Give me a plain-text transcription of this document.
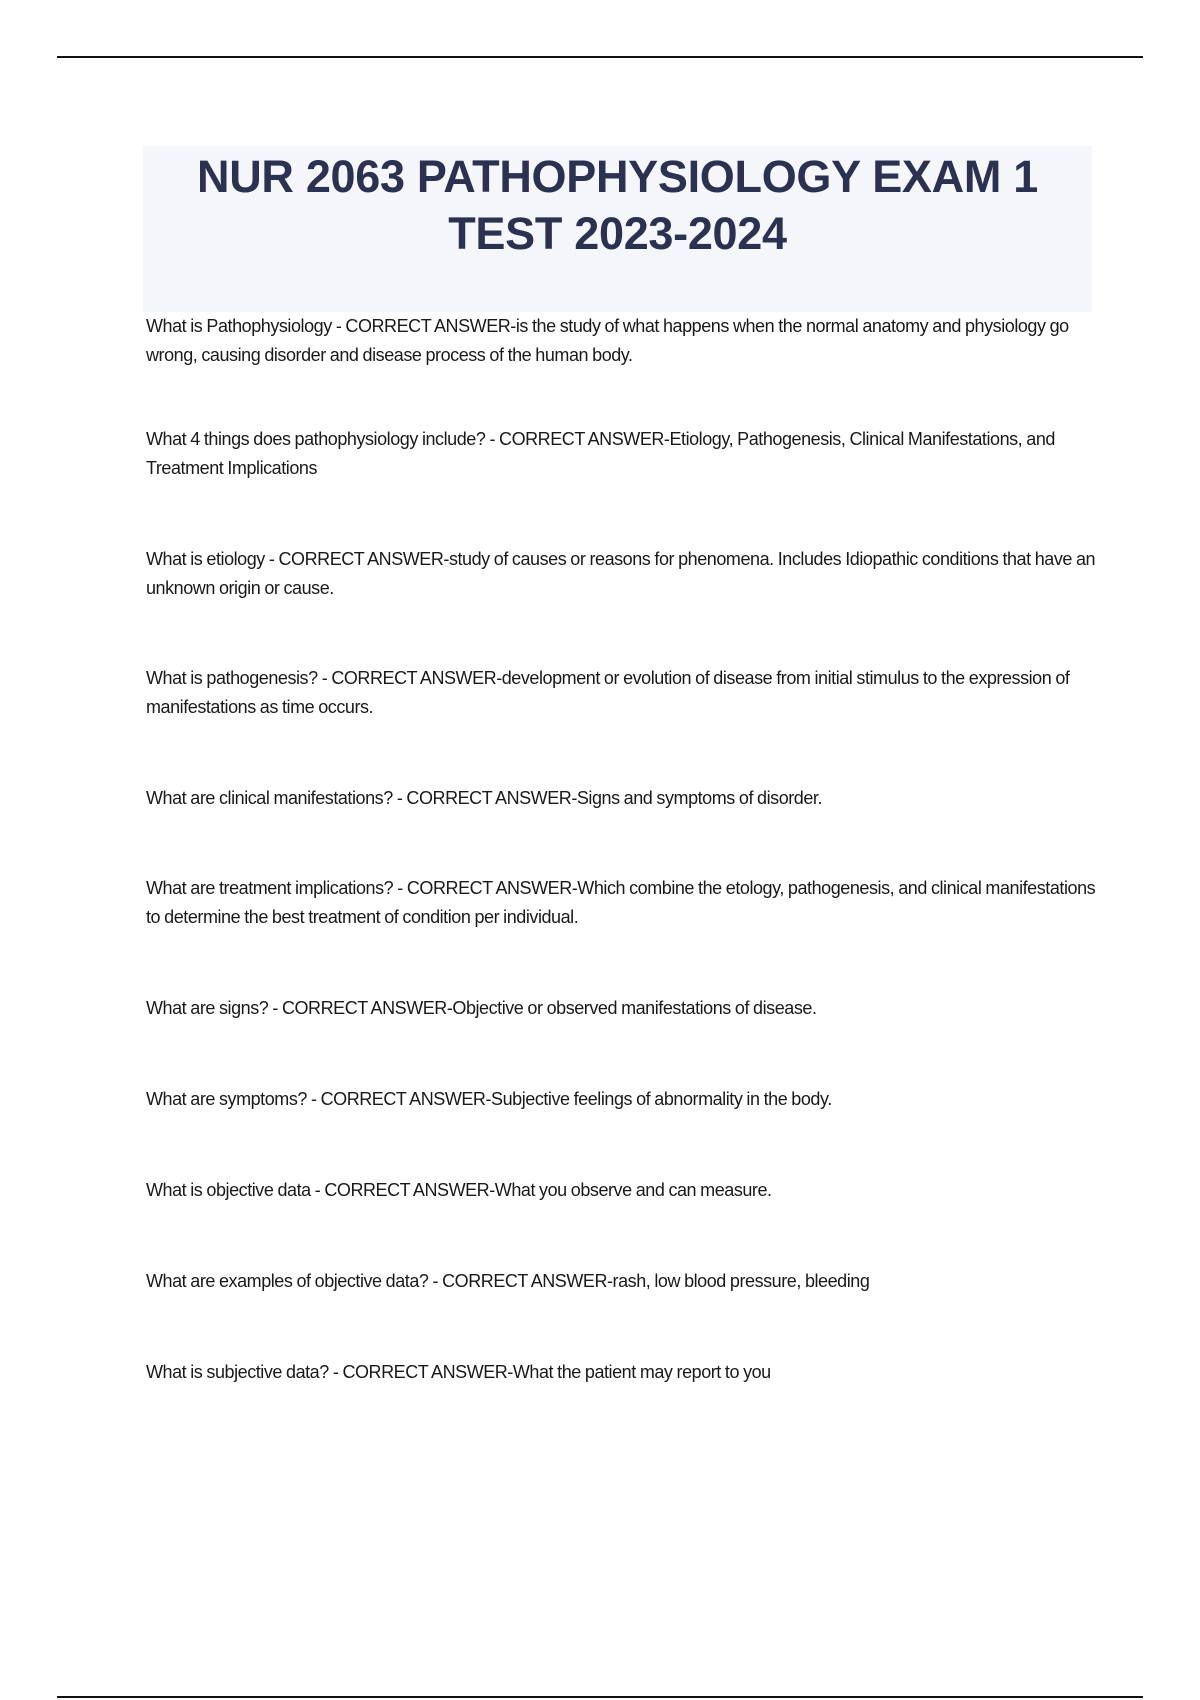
NUR 2063 PATHOPHYSIOLOGY EXAM 1
TEST 2023-2024
What is Pathophysiology - CORRECT ANSWER-is the study of what happens when the normal anatomy and physiology go wrong, causing disorder and disease process of the human body.
What 4 things does pathophysiology include? - CORRECT ANSWER-Etiology, Pathogenesis, Clinical Manifestations, and Treatment Implications
What is etiology - CORRECT ANSWER-study of causes or reasons for phenomena. Includes Idiopathic conditions that have an unknown origin or cause.
What is pathogenesis? - CORRECT ANSWER-development or evolution of disease from initial stimulus to the expression of manifestations as time occurs.
What are clinical manifestations? - CORRECT ANSWER-Signs and symptoms of disorder.
What are treatment implications? - CORRECT ANSWER-Which combine the etology, pathogenesis, and clinical manifestations to determine the best treatment of condition per individual.
What are signs? - CORRECT ANSWER-Objective or observed manifestations of disease.
What are symptoms? - CORRECT ANSWER-Subjective feelings of abnormality in the body.
What is objective data - CORRECT ANSWER-What you observe and can measure.
What are examples of objective data? - CORRECT ANSWER-rash, low blood pressure, bleeding
What is subjective data? - CORRECT ANSWER-What the patient may report to you
